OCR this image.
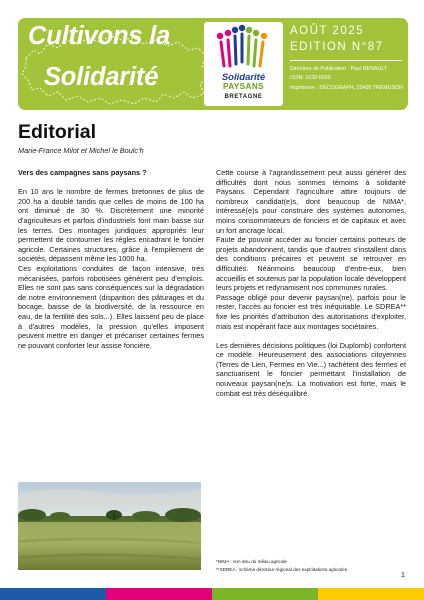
Cultivons la
Solidarité	Solidarité
PAYSANS
BRETAGNE
AOÛT 2025
EDITION N°87
Directeur de Publication : Paul RENAULT
ISSN: 1632-6660
Imprimerie : DÉCOGRAPH, 22450 TRÉMUSON
Editorial
Marie-France Milot et Michel le Boulc’h

Vers des campagnes sans paysans ?

En 10 ans le nombre de fermes bretonnes de plus de 200 ha a doublé tandis que celles de moins de 100 ha ont diminué de 30 %. Discrètement une minorité d'agriculteurs et parfois d'industriels font main basse sur les terres. Des montages juridiques appropriés leur permettent de contourner les règles encadrant le foncier agricole. Certaines structures, grâce à l'empilement de sociétés, dépassent même les 1000 ha.

Ces exploitations conduites de façon intensive, très mécanisées, parfois robotisées génèrent peu d'emplois. Elles ne sont pas sans conséquences sur la dégradation de notre environnement (disparition des pâturages et du bocage, baisse de la biodiversité, de la ressource en eau, de la fertilité des sols...). Elles laissent peu de place à d'autres modèles, la pression qu'elles imposent peuvent mettre en danger et précariser certaines fermes ne pouvant conforter leur assise foncière.

Cette course à l’agrandissement peut aussi générer des difficultés dont nous sommes témoins à solidarité Paysans. Cependant l’agriculture attire toujours de nombreux candidat(e)s, dont beaucoup de NIMA*, intéressé(e)s pour construire des systèmes autonomes, moins consommateurs de fonciers et de capitaux et avec un fort ancrage local.

Faute de pouvoir accéder au foncier certains porteurs de projets abandonnent, tandis que d'autres s'installent dans des conditions précaires et peuvent se retrouver en difficultés. Néanmoins beaucoup d’entre-eux, bien accueillis et soutenus par la population locale développent leurs projets et redynamisent nos communes rurales.

Passage obligé pour devenir paysan(ne), parfois pour le rester, l'accès au foncier est très inéquitable. Le SDREA** fixe les priorités d'attribution des autorisations d'exploiter, mais est inopérant face aux montages sociétaires.

Les dernières décisions politiques (loi Duplomb) confortent ce modèle. Heureusement des associations citoyennes (Terres de Lien, Fermes en Vie...) rachètent des fermes et sanctuarisent le foncier permettant l'installation de nouveaux paysan(ne)s. La motivation est forte, mais le combat est très déséquilibré.

*NIMA : non issu du milieu agricole
**SDREA : schéma directeur régional des exploitations agricoles
1
